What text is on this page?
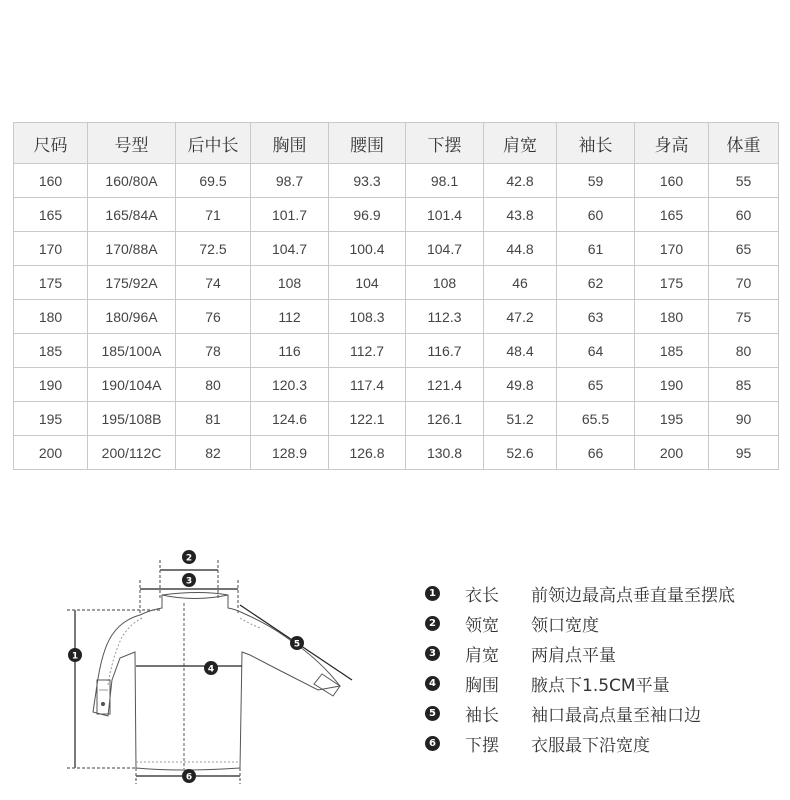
尺码	号型	后中长	胸围	腰围	下摆	肩宽	袖长	身高	体重
160	160/80A	69.5	98.7	93.3	98.1	42.8	59	160	55
165	165/84A	71	101.7	96.9	101.4	43.8	60	165	60
170	170/88A	72.5	104.7	100.4	104.7	44.8	61	170	65
175	175/92A	74	108	104	108	46	62	175	70
180	180/96A	76	112	108.3	112.3	47.2	63	180	75
185	185/100A	78	116	112.7	116.7	48.4	64	185	80
190	190/104A	80	120.3	117.4	121.4	49.8	65	190	85
195	195/108B	81	124.6	122.1	126.1	51.2	65.5	195	90
200	200/112C	82	128.9	126.8	130.8	52.6	66	200	95
1
2
3
4
5
6
1 衣长	前领边最高点垂直量至摆底
2 领宽	领口宽度
3 肩宽	两肩点平量
4 胸围	腋点下1.5CM平量
5 袖长	袖口最高点量至袖口边
6 下摆	衣服最下沿宽度
